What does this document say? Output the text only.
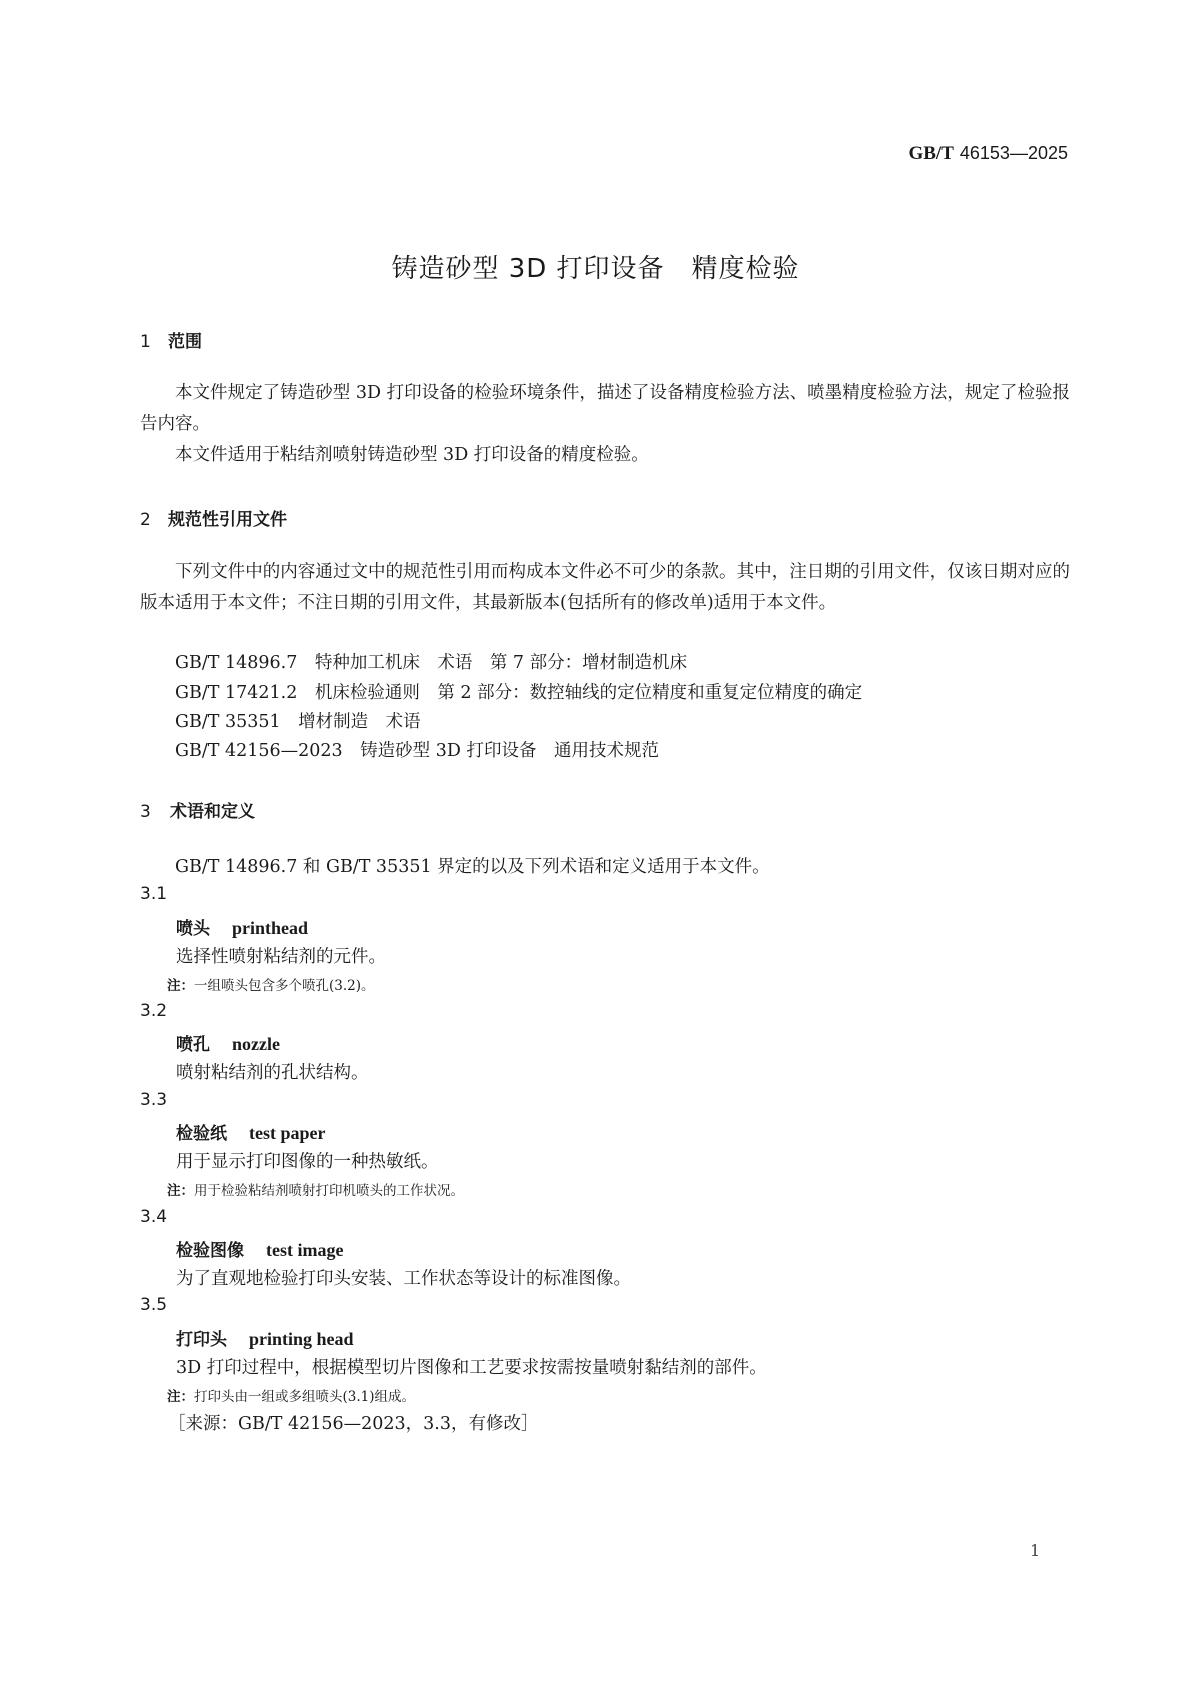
GB/T 46153—2025
铸造砂型 3D 打印设备　精度检验
1 范围

本文件规定了铸造砂型 3D 打印设备的检验环境条件，描述了设备精度检验方法、喷墨精度检验方法，规定了检验报告内容。

本文件适用于粘结剂喷射铸造砂型 3D 打印设备的精度检验。

2 规范性引用文件

下列文件中的内容通过文中的规范性引用而构成本文件必不可少的条款。其中，注日期的引用文件，仅该日期对应的版本适用于本文件；不注日期的引用文件，其最新版本(包括所有的修改单)适用于本文件。

GB/T 14896.7　特种加工机床　术语　第 7 部分：增材制造机床
GB/T 17421.2　机床检验通则　第 2 部分：数控轴线的定位精度和重复定位精度的确定
GB/T 35351　增材制造　术语
GB/T 42156—2023　铸造砂型 3D 打印设备　通用技术规范
3 术语和定义
GB/T 14896.7 和 GB/T 35351 界定的以及下列术语和定义适用于本文件。
3.1
喷头 printhead
选择性喷射粘结剂的元件。
注：一组喷头包含多个喷孔(3.2)。
3.2
喷孔 nozzle
喷射粘结剂的孔状结构。
3.3
检验纸 test paper
用于显示打印图像的一种热敏纸。
注：用于检验粘结剂喷射打印机喷头的工作状况。
3.4
检验图像 test image
为了直观地检验打印头安装、工作状态等设计的标准图像。
3.5
打印头 printing head
3D 打印过程中，根据模型切片图像和工艺要求按需按量喷射黏结剂的部件。
注：打印头由一组或多组喷头(3.1)组成。
［来源：GB/T 42156—2023，3.3，有修改］
1
